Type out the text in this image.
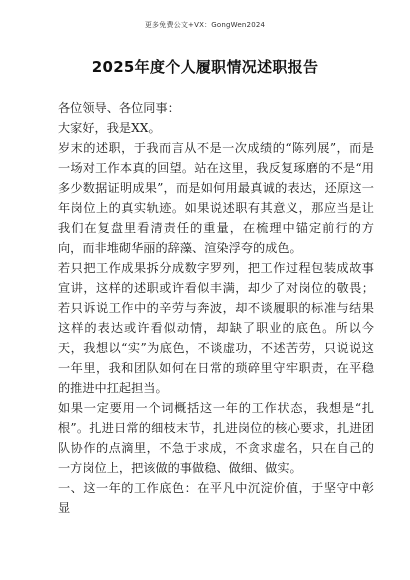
更多免费公文+VX：GongWen2024
2025年度个人履职情况述职报告

各位领导、各位同事：

大家好，我是XX。

岁末的述职，于我而言从不是一次成绩的“陈列展”，而是一场对工作本真的回望。站在这里，我反复琢磨的不是“用多少数据证明成果”，而是如何用最真诚的表达，还原这一年岗位上的真实轨迹。如果说述职有其意义，那应当是让我们在复盘里看清责任的重量，在梳理中锚定前行的方向，而非堆砌华丽的辞藻、渲染浮夸的成色。

若只把工作成果拆分成数字罗列，把工作过程包装成故事宣讲，这样的述职或许看似丰满，却少了对岗位的敬畏；若只诉说工作中的辛劳与奔波，却不谈履职的标准与结果这样的表达或许看似动情，却缺了职业的底色。所以今天，我想以“实”为底色，不谈虚功，不述苦劳，只说说这一年里，我和团队如何在日常的琐碎里守牢职责，在平稳的推进中扛起担当。

如果一定要用一个词概括这一年的工作状态，我想是“扎根”。扎进日常的细枝末节，扎进岗位的核心要求，扎进团队协作的点滴里，不急于求成，不贪求虚名，只在自己的一方岗位上，把该做的事做稳、做细、做实。

一、这一年的工作底色：在平凡中沉淀价值，于坚守中彰显
